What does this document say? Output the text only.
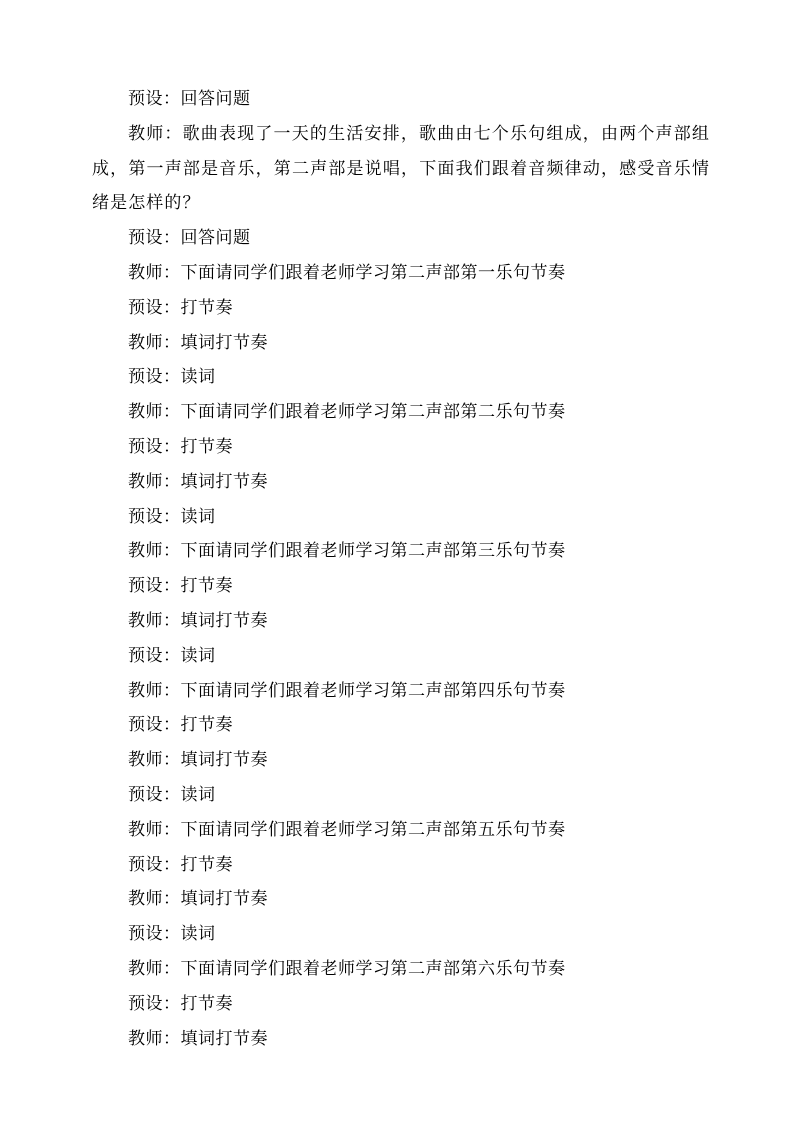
预设：回答问题

教师：歌曲表现了一天的生活安排，歌曲由七个乐句组成，由两个声部组成，第一声部是音乐，第二声部是说唱，下面我们跟着音频律动，感受音乐情绪是怎样的？

预设：回答问题

教师：下面请同学们跟着老师学习第二声部第一乐句节奏

预设：打节奏

教师：填词打节奏

预设：读词

教师：下面请同学们跟着老师学习第二声部第二乐句节奏

预设：打节奏

教师：填词打节奏

预设：读词

教师：下面请同学们跟着老师学习第二声部第三乐句节奏

预设：打节奏

教师：填词打节奏

预设：读词

教师：下面请同学们跟着老师学习第二声部第四乐句节奏

预设：打节奏

教师：填词打节奏

预设：读词

教师：下面请同学们跟着老师学习第二声部第五乐句节奏

预设：打节奏

教师：填词打节奏

预设：读词

教师：下面请同学们跟着老师学习第二声部第六乐句节奏

预设：打节奏

教师：填词打节奏
